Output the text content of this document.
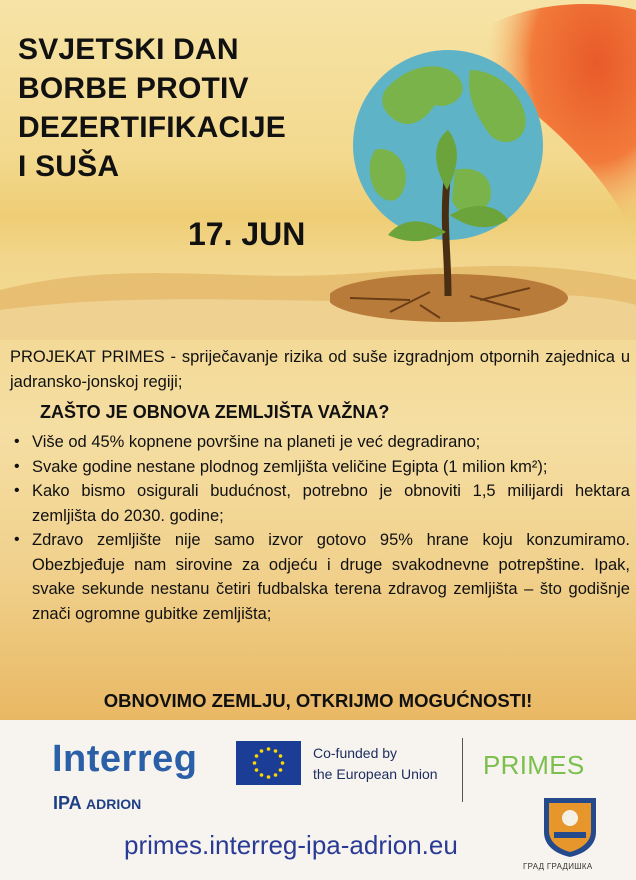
SVJETSKI DAN
BORBE PROTIV
DEZERTIFIKACIJE
I SUŠA
17. JUN
PROJEKAT PRIMES - spriječavanje rizika od suše izgradnjom otpornih zajednica u jadransko-jonskoj regiji;
ZAŠTO JE OBNOVA ZEMLJIŠTA VAŽNA?
• Više od 45% kopnene površine na planeti je već degradirano;
• Svake godine nestane plodnog zemljišta veličine Egipta (1 milion km²);
• Kako bismo osigurali budućnost, potrebno je obnoviti 1,5 milijardi hektara zemljišta do 2030. godine;
• Zdravo zemljište nije samo izvor gotovo 95% hrane koju konzumiramo. Obezbjeđuje nam sirovine za odjeću i druge svakodnevne potrepštine. Ipak, svake sekunde nestanu četiri fudbalska terena zdravog zemljišta – što godišnje znači ogromne gubitke zemljišta;
OBNOVIMO ZEMLJU, OTKRIJMO MOGUĆNOSTI!
Interreg
IPA ADRION
Co-funded by
the European Union PRIMES
primes.interreg-ipa-adrion.eu
ГРАД ГРАДИШКА
